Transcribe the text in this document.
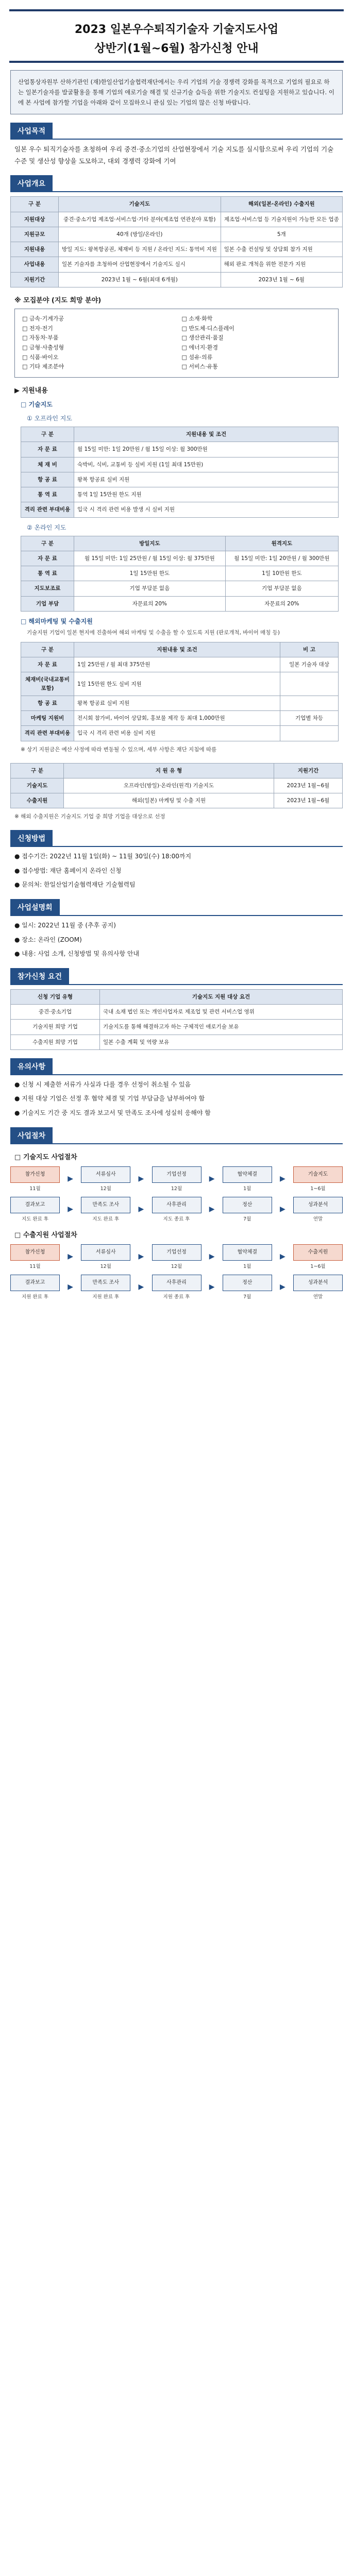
2023 일본우수퇴직기술자 기술지도사업
상반기(1월~6월) 참가신청 안내
산업통상자원부 산하기관인 (재)한일산업기술협력재단에서는 우리 기업의 기술 경쟁력 강화를 목적으로 기업의 필요로 하는 일본기술자를 발굴활용을 통해 기업의 애로기술 해결 및 신규기술 습득을 위한 기술지도 컨설팅을 지원하고 있습니다. 이에 본 사업에 참가할 기업을 아래와 같이 모집하오니 관심 있는 기업의 많은 신청 바랍니다.
사업목적
일본 우수 퇴직기술자를 초청하여 우리 중견·중소기업의 산업현장에서 기술 지도를 실시함으로써 우리 기업의 기술수준 및 생산성 향상을 도모하고, 대외 경쟁력 강화에 기여
사업개요
구 분	기술지도	해외(일본·온라인) 수출지원
지원대상	중견·중소기업 제조업·서비스업·기타 분야(제조업 연관분야 포함)	제조업·서비스업 등 기술지원이 가능한 모든 업종
지원규모	40개 (방일/온라인)	5개
지원내용	방일 지도: 왕복항공권, 체재비 등 지원 / 온라인 지도: 통역비 지원	일본 수출 컨설팅 및 상담회 참가 지원
사업내용	일본 기술자를 초청하여 산업현장에서 기술지도 실시	해외 판로 개척을 위한 전문가 지원
지원기간	2023년 1월 ~ 6월(최대 6개월)	2023년 1월 ~ 6월
※ 모집분야 (지도 희망 분야)
□ 금속·기계가공	□ 소재·화학
□ 전자·전기	□ 반도체·디스플레이
□ 자동차·부품	□ 생산관리·품질
□ 금형·사출성형	□ 에너지·환경
□ 식품·바이오	□ 섬유·의류
□ 기타 제조분야	□ 서비스·유통
▶ 지원내용
□ 기술지도
① 오프라인 지도
구 분	지원내용 및 조건
자 문 료	월 15일 미만: 1일 20만원 / 월 15일 이상: 월 300만원
체 재 비	숙박비, 식비, 교통비 등 실비 지원 (1일 최대 15만원)
항 공 료	왕복 항공료 실비 지원
통 역 료	통역 1일 15만원 한도 지원
격리 관련 부대비용	입국 시 격리 관련 비용 발생 시 실비 지원
② 온라인 지도
구 분	방일지도	원격지도
자 문 료	월 15일 미만: 1일 25만원 / 월 15일 이상: 월 375만원	월 15일 미만: 1일 20만원 / 월 300만원
통 역 료	1일 15만원 한도	1일 10만원 한도
지도보조료	기업 부담분 없음	기업 부담분 없음
기업 부담	자문료의 20%	자문료의 20%
□ 해외마케팅 및 수출지원
기술지원 기업이 일본 현지에 진출하여 해외 마케팅 및 수출을 할 수 있도록 지원 (판로개척, 바이어 매칭 등)
구 분	지원내용 및 조건	비 고
자 문 료	1일 25만원 / 월 최대 375만원	일본 기술자 대상
체재비(국내교통비 포함)	1일 15만원 한도 실비 지원	
항 공 료	왕복 항공료 실비 지원	
마케팅 지원비	전시회 참가비, 바이어 상담회, 홍보물 제작 등 최대 1,000만원	기업별 차등
격리 관련 부대비용	입국 시 격리 관련 비용 실비 지원	
※ 상기 지원금은 예산 사정에 따라 변동될 수 있으며, 세부 사항은 재단 지침에 따름
구 분	지 원 유 형	지원기간
기술지도	오프라인(방일)·온라인(원격) 기술지도	2023년 1월~6월
수출지원	해외(일본) 마케팅 및 수출 지원	2023년 1월~6월
※ 해외 수출지원은 기술지도 기업 중 희망 기업을 대상으로 선정
신청방법
● 접수기간: 2022년 11월 1일(화) ~ 11월 30일(수) 18:00까지
● 접수방법: 재단 홈페이지 온라인 신청
● 문의처: 한일산업기술협력재단 기술협력팀
사업설명회
● 일시: 2022년 11월 중 (추후 공지)
● 장소: 온라인 (ZOOM)
● 내용: 사업 소개, 신청방법 및 유의사항 안내
참가신청 요건
신청 기업 유형	기술지도 지원 대상 요건
중견·중소기업	국내 소재 법인 또는 개인사업자로 제조업 및 관련 서비스업 영위
기술지원 희망 기업	기술지도를 통해 해결하고자 하는 구체적인 애로기술 보유
수출지원 희망 기업	일본 수출 계획 및 역량 보유
유의사항
● 신청 시 제출한 서류가 사실과 다를 경우 선정이 취소될 수 있음
● 지원 대상 기업은 선정 후 협약 체결 및 기업 부담금을 납부하여야 함
● 기술지도 기간 중 지도 결과 보고서 및 만족도 조사에 성실히 응해야 함
사업절차
□ 기술지도 사업절차
참가신청
11월
▶
서류심사
12월
▶
기업선정
12월
▶
협약체결
1월
▶
기술지도
1~6월
결과보고
지도 완료 후
▶
만족도 조사
지도 완료 후
▶
사후관리
지도 종료 후
▶
정산
7월
▶
성과분석
연말
□ 수출지원 사업절차
참가신청
11월
▶
서류심사
12월
▶
기업선정
12월
▶
협약체결
1월
▶
수출지원
1~6월
결과보고
지원 완료 후
▶
만족도 조사
지원 완료 후
▶
사후관리
지원 종료 후
▶
정산
7월
▶
성과분석
연말
